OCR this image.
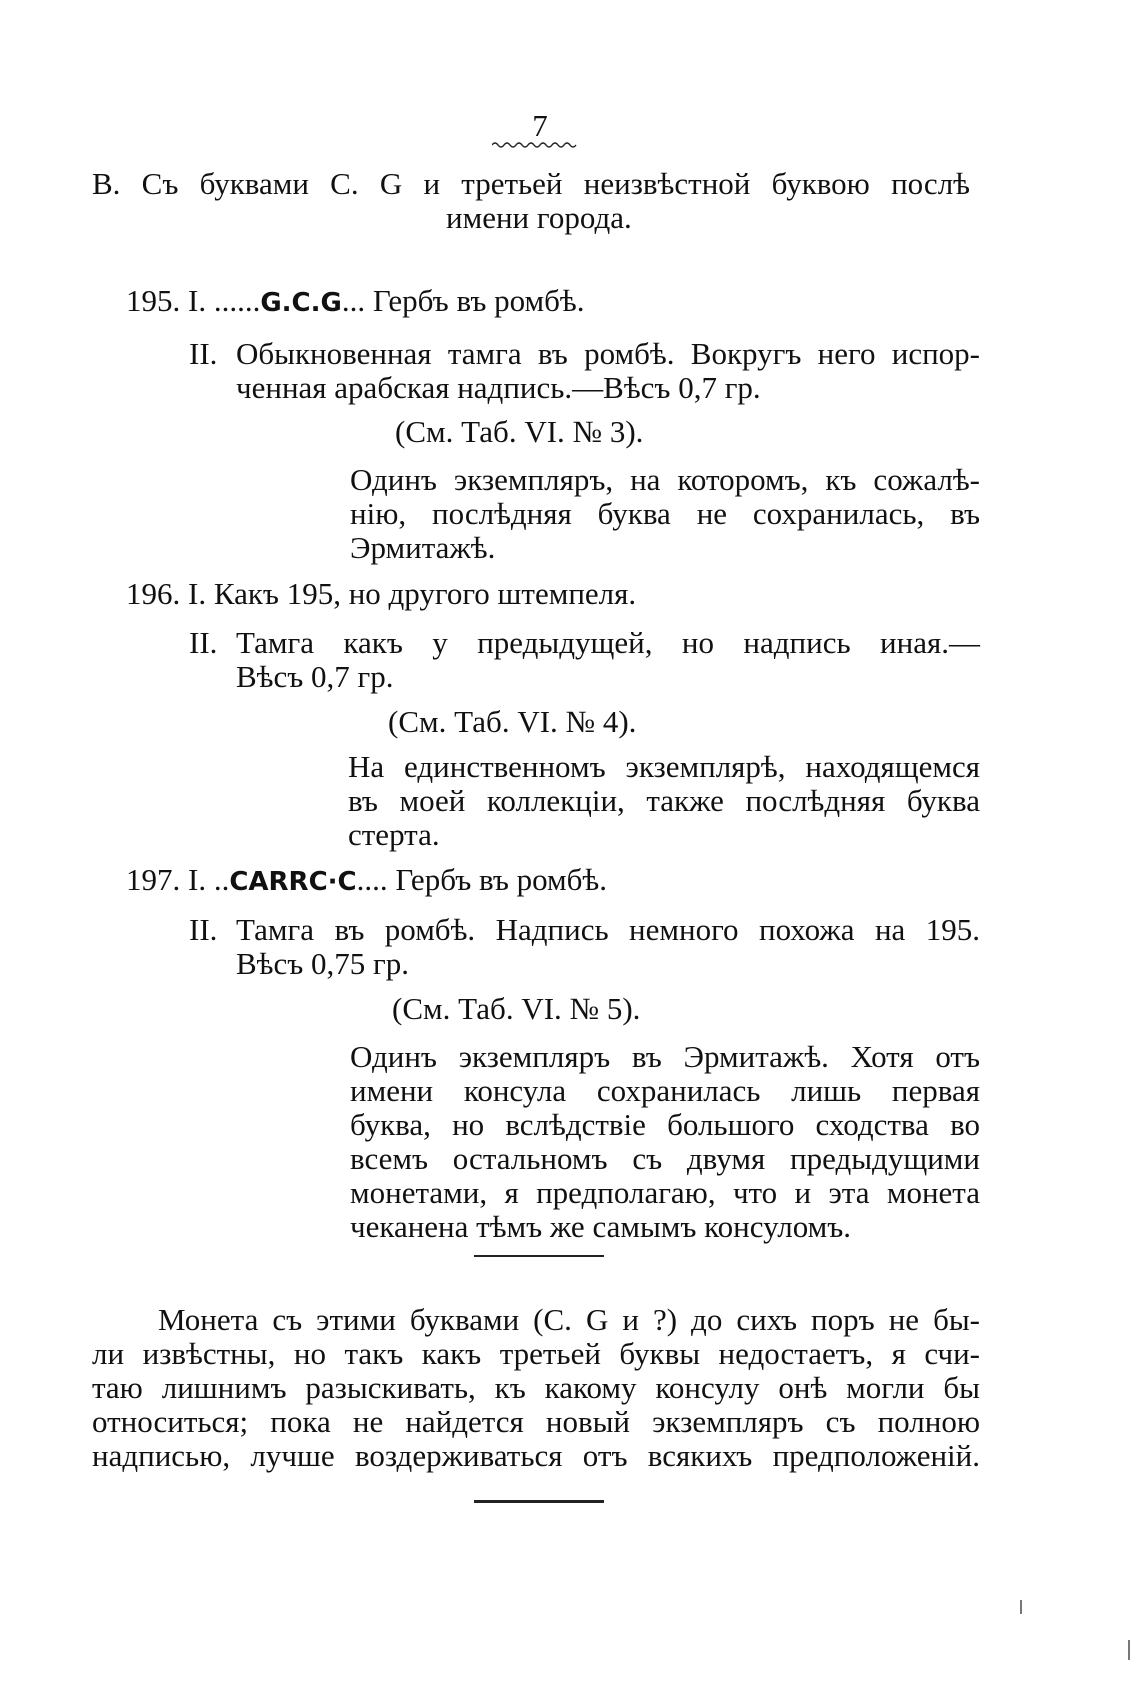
7
В. Съ буквами С. G и третьей неизвѣстной буквою послѣ
имени города.
195. I. ......G.C.G... Гербъ въ ромбѣ.
II. Обыкновенная тамга въ ромбѣ. Вокругъ него испор-
ченная арабская надпись.—Вѣсъ 0,7 гр.
(См. Таб. VI. № 3).
Одинъ экземпляръ, на которомъ, къ сожалѣ-
нію, послѣдняя буква не сохранилась, въ
Эрмитажѣ.
196. I. Какъ 195, но другого штемпеля.
II. Тамга какъ у предыдущей, но надпись иная.—
Вѣсъ 0,7 гр.
(См. Таб. VI. № 4).
На единственномъ экземплярѣ, находящемся
въ моей коллекціи, также послѣдняя буква
стерта.
197. I. ..CARRC·C.... Гербъ въ ромбѣ.
II. Тамга въ ромбѣ. Надпись немного похожа на 195.
Вѣсъ 0,75 гр.
(См. Таб. VI. № 5).
Одинъ экземпляръ въ Эрмитажѣ. Хотя отъ
имени консула сохранилась лишь первая
буква, но вслѣдствіе большого сходства во
всемъ остальномъ съ двумя предыдущими
монетами, я предполагаю, что и эта монета
чеканена тѣмъ же самымъ консуломъ.
Монета съ этими буквами (С. G и ?) до сихъ поръ не бы-
ли извѣстны, но такъ какъ третьей буквы недостаетъ, я счи-
таю лишнимъ разыскивать, къ какому консулу онѣ могли бы
относиться; пока не найдется новый экземпляръ съ полною
надписью, лучше воздерживаться отъ всякихъ предположеній.
